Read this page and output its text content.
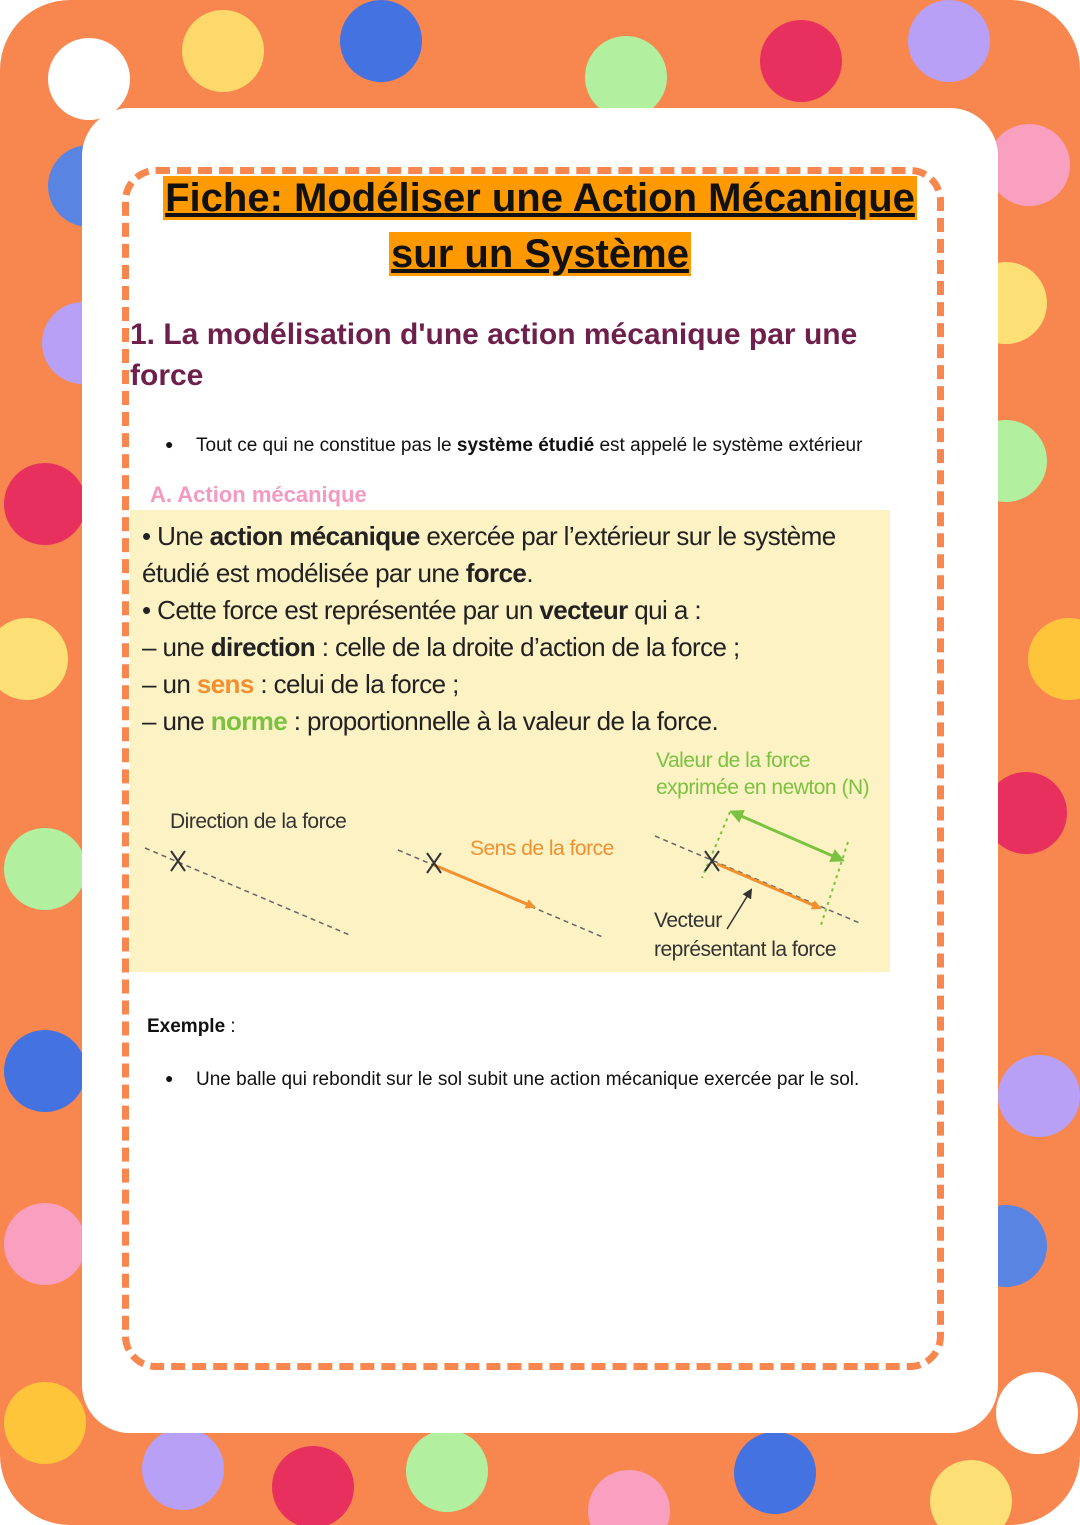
Fiche: Modéliser une Action Mécanique
sur un Système
1. La modélisation d'une action mécanique par une force
● Tout ce qui ne constitue pas le système étudié est appelé le système extérieur
A. Action mécanique

• Une action mécanique exercée par l’extérieur sur le système étudié est modélisée par une force.

• Cette force est représentée par un vecteur qui a :

– une direction : celle de la droite d’action de la force ;

– un sens : celui de la force ;

– une norme : proportionnelle à la valeur de la force.

Direction de la force
Sens de la force
Valeur de la force
exprimée en newton (N)
Vecteur
représentant la force
Exemple :
● Une balle qui rebondit sur le sol subit une action mécanique exercée par le sol.
